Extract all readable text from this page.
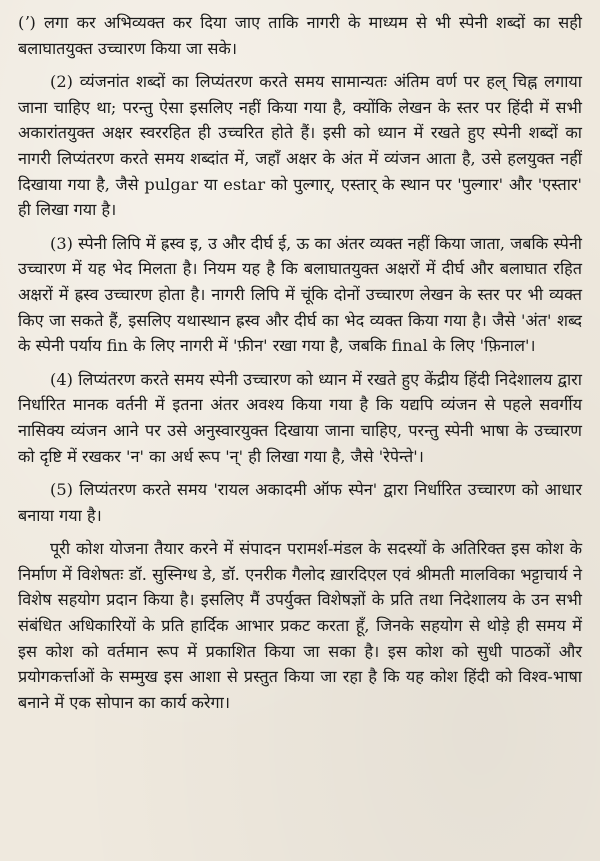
(ʼ) लगा कर अभिव्यक्त कर दिया जाए ताकि नागरी के माध्यम से भी स्पेनी शब्दों का सही बलाघातयुक्त उच्चारण किया जा सके।

(2) व्यंजनांत शब्दों का लिप्यंतरण करते समय सामान्यतः अंतिम वर्ण पर हल् चिह्न लगाया जाना चाहिए था; परन्तु ऐसा इसलिए नहीं किया गया है, क्योंकि लेखन के स्तर पर हिंदी में सभी अकारांतयुक्त अक्षर स्वररहित ही उच्चरित होते हैं। इसी को ध्यान में रखते हुए स्पेनी शब्दों का नागरी लिप्यंतरण करते समय शब्दांत में, जहाँ अक्षर के अंत में व्यंजन आता है, उसे हलयुक्त नहीं दिखाया गया है, जैसे pulgar या estar को पुल्गार्, एस्तार् के स्थान पर 'पुल्गार' और 'एस्तार' ही लिखा गया है।

(3) स्पेनी लिपि में ह्रस्व इ, उ और दीर्घ ई, ऊ का अंतर व्यक्त नहीं किया जाता, जबकि स्पेनी उच्चारण में यह भेद मिलता है। नियम यह है कि बलाघातयुक्त अक्षरों में दीर्घ और बलाघात रहित अक्षरों में ह्रस्व उच्चारण होता है। नागरी लिपि में चूंकि दोनों उच्चारण लेखन के स्तर पर भी व्यक्त किए जा सकते हैं, इसलिए यथास्थान ह्रस्व और दीर्घ का भेद व्यक्त किया गया है। जैसे 'अंत' शब्द के स्पेनी पर्याय fin के लिए नागरी में 'फ़ीन' रखा गया है, जबकि final के लिए 'फ़िनाल'।

(4) लिप्यंतरण करते समय स्पेनी उच्चारण को ध्यान में रखते हुए केंद्रीय हिंदी निदेशालय द्वारा निर्धारित मानक वर्तनी में इतना अंतर अवश्य किया गया है कि यद्यपि व्यंजन से पहले सवर्गीय नासिक्य व्यंजन आने पर उसे अनुस्वारयुक्त दिखाया जाना चाहिए, परन्तु स्पेनी भाषा के उच्चारण को दृष्टि में रखकर 'न' का अर्ध रूप 'न्' ही लिखा गया है, जैसे 'रेपेन्ते'।

(5) लिप्यंतरण करते समय 'रायल अकादमी ऑफ स्पेन' द्वारा निर्धारित उच्चारण को आधार बनाया गया है।

पूरी कोश योजना तैयार करने में संपादन परामर्श-मंडल के सदस्यों के अतिरिक्त इस कोश के निर्माण में विशेषतः डॉ. सुस्निग्ध डे, डॉ. एनरीक गैलोद ख़ारदिएल एवं श्रीमती मालविका भट्टाचार्य ने विशेष सहयोग प्रदान किया है। इसलिए मैं उपर्युक्त विशेषज्ञों के प्रति तथा निदेशालय के उन सभी संबंधित अधिकारियों के प्रति हार्दिक आभार प्रकट करता हूँ, जिनके सहयोग से थोड़े ही समय में इस कोश को वर्तमान रूप में प्रकाशित किया जा सका है। इस कोश को सुधी पाठकों और प्रयोगकर्त्ताओं के सम्मुख इस आशा से प्रस्तुत किया जा रहा है कि यह कोश हिंदी को विश्व-भाषा बनाने में एक सोपान का कार्य करेगा।
